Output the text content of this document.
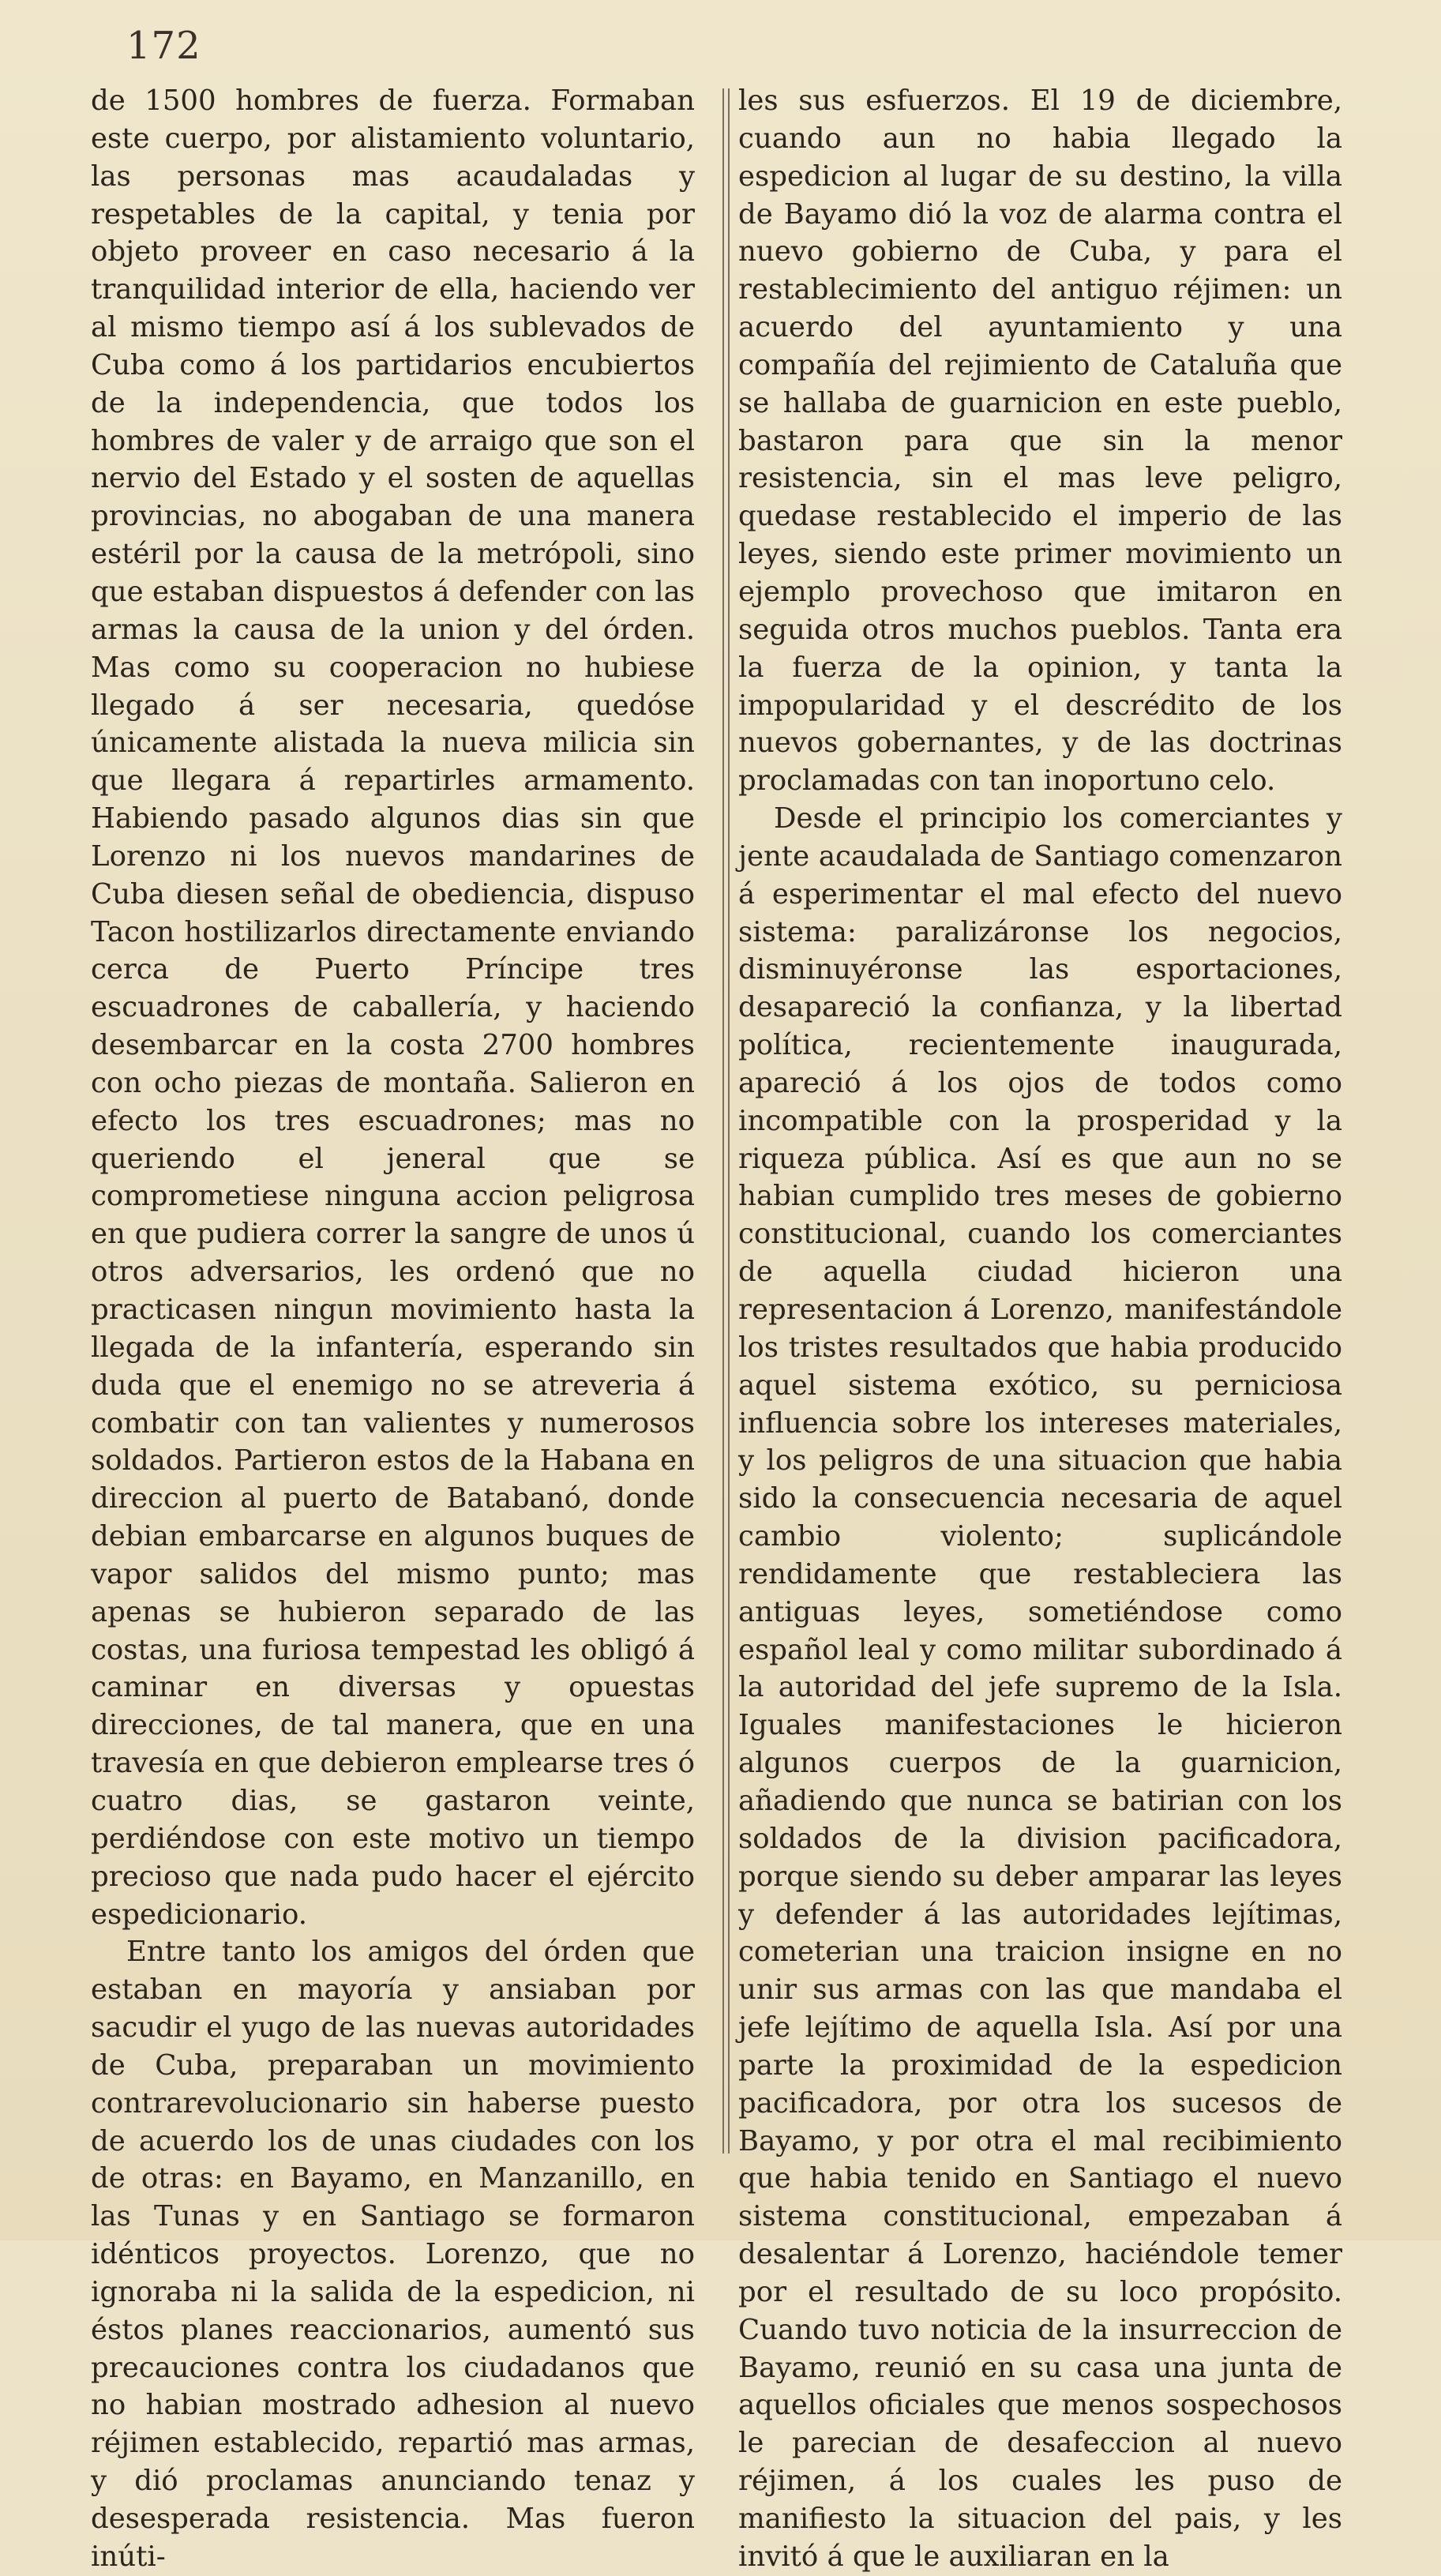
172

de 1500 hombres de fuerza. Formaban este cuerpo, por alistamiento voluntario, las personas mas acaudaladas y respetables de la capital, y tenia por objeto proveer en caso necesario á la tranquilidad interior de ella, haciendo ver al mismo tiempo así á los sublevados de Cuba como á los partidarios encubiertos de la independencia, que todos los hombres de valer y de arraigo que son el nervio del Estado y el sosten de aquellas provincias, no abogaban de una manera estéril por la causa de la metrópoli, sino que estaban dispuestos á defender con las armas la causa de la union y del órden. Mas como su cooperacion no hubiese llegado á ser necesaria, quedóse únicamente alistada la nueva milicia sin que llegara á repartirles armamento. Habiendo pasado algunos dias sin que Lorenzo ni los nuevos mandarines de Cuba diesen señal de obediencia, dispuso Tacon hostilizarlos directamente enviando cerca de Puerto Príncipe tres escuadrones de caballería, y haciendo desembarcar en la costa 2700 hombres con ocho piezas de montaña. Salieron en efecto los tres escuadrones; mas no queriendo el jeneral que se comprometiese ninguna accion peligrosa en que pudiera correr la sangre de unos ú otros adversarios, les ordenó que no practicasen ningun movimiento hasta la llegada de la infantería, esperando sin duda que el enemigo no se atreveria á combatir con tan valientes y numerosos soldados. Partieron estos de la Habana en direccion al puerto de Batabanó, donde debian embarcarse en algunos buques de vapor salidos del mismo punto; mas apenas se hubieron separado de las costas, una furiosa tempestad les obligó á caminar en diversas y opuestas direcciones, de tal manera, que en una travesía en que debieron emplearse tres ó cuatro dias, se gastaron veinte, perdiéndose con este motivo un tiempo precioso que nada pudo hacer el ejército espedicionario.

Entre tanto los amigos del órden que estaban en mayoría y ansiaban por sacudir el yugo de las nuevas autoridades de Cuba, preparaban un movimiento contrarevolucionario sin haberse puesto de acuerdo los de unas ciudades con los de otras: en Bayamo, en Manzanillo, en las Tunas y en Santiago se formaron idénticos proyectos. Lorenzo, que no ignoraba ni la salida de la espedicion, ni éstos planes reaccionarios, aumentó sus precauciones contra los ciudadanos que no habian mostrado adhesion al nuevo réjimen establecido, repartió mas armas, y dió proclamas anunciando tenaz y desesperada resistencia. Mas fueron inúti-

les sus esfuerzos. El 19 de diciembre, cuando aun no habia llegado la espedicion al lugar de su destino, la villa de Bayamo dió la voz de alarma contra el nuevo gobierno de Cuba, y para el restablecimiento del antiguo réjimen: un acuerdo del ayuntamiento y una compañía del rejimiento de Cataluña que se hallaba de guarnicion en este pueblo, bastaron para que sin la menor resistencia, sin el mas leve peligro, quedase restablecido el imperio de las leyes, siendo este primer movimiento un ejemplo provechoso que imitaron en seguida otros muchos pueblos. Tanta era la fuerza de la opinion, y tanta la impopularidad y el descrédito de los nuevos gobernantes, y de las doctrinas proclamadas con tan inoportuno celo.

Desde el principio los comerciantes y jente acaudalada de Santiago comenzaron á esperimentar el mal efecto del nuevo sistema: paralizáronse los negocios, disminuyéronse las esportaciones, desapareció la confianza, y la libertad política, recientemente inaugurada, apareció á los ojos de todos como incompatible con la prosperidad y la riqueza pública. Así es que aun no se habian cumplido tres meses de gobierno constitucional, cuando los comerciantes de aquella ciudad hicieron una representacion á Lorenzo, manifestándole los tristes resultados que habia producido aquel sistema exótico, su perniciosa influencia sobre los intereses materiales, y los peligros de una situacion que habia sido la consecuencia necesaria de aquel cambio violento; suplicándole rendidamente que restableciera las antiguas leyes, sometiéndose como español leal y como militar subordinado á la autoridad del jefe supremo de la Isla. Iguales manifestaciones le hicieron algunos cuerpos de la guarnicion, añadiendo que nunca se batirian con los soldados de la division pacificadora, porque siendo su deber amparar las leyes y defender á las autoridades lejítimas, cometerian una traicion insigne en no unir sus armas con las que mandaba el jefe lejítimo de aquella Isla. Así por una parte la proximidad de la espedicion pacificadora, por otra los sucesos de Bayamo, y por otra el mal recibimiento que habia tenido en Santiago el nuevo sistema constitucional, empezaban á desalentar á Lorenzo, haciéndole temer por el resultado de su loco propósito. Cuando tuvo noticia de la insurreccion de Bayamo, reunió en su casa una junta de aquellos oficiales que menos sospechosos le parecian de desafeccion al nuevo réjimen, á los cuales les puso de manifiesto la situacion del pais, y les invitó á que le auxiliaran en la
